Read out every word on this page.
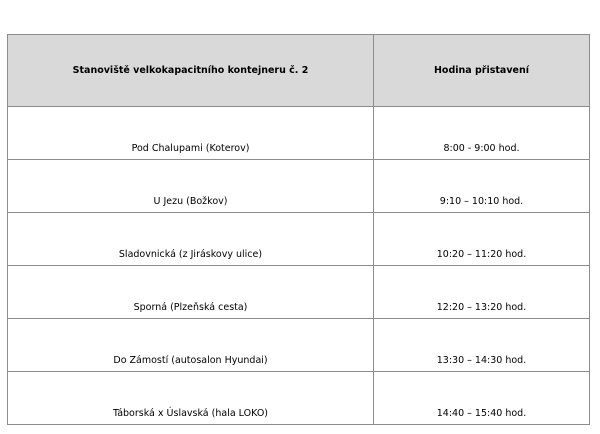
Stanoviště velkokapacitního kontejneru č. 2	Hodina přistavení
Pod Chalupami (Koterov)	8:00 - 9:00 hod.
U Jezu (Božkov)	9:10 – 10:10 hod.
Sladovnická (z Jiráskovy ulice)	10:20 – 11:20 hod.
Sporná (Plzeňská cesta)	12:20 – 13:20 hod.
Do Zámostí (autosalon Hyundai)	13:30 – 14:30 hod.
Táborská x Úslavská (hala LOKO)	14:40 – 15:40 hod.
